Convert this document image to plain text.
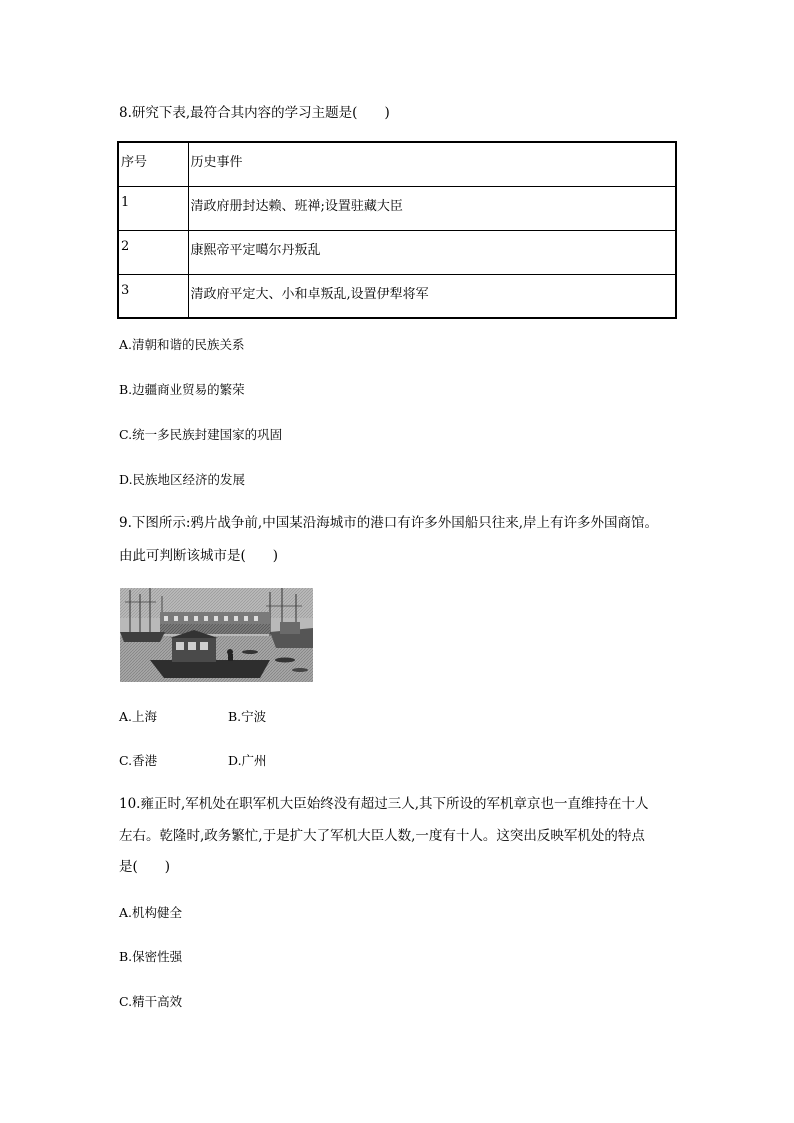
8.研究下表,最符合其内容的学习主题是(　　)
序号	历史事件
1	清政府册封达赖、班禅;设置驻藏大臣
2	康熙帝平定噶尔丹叛乱
3	清政府平定大、小和卓叛乱,设置伊犁将军
A.清朝和谐的民族关系
B.边疆商业贸易的繁荣
C.统一多民族封建国家的巩固
D.民族地区经济的发展
9.下图所示:鸦片战争前,中国某沿海城市的港口有许多外国船只往来,岸上有许多外国商馆。
由此可判断该城市是(　　)
A.上海	B.宁波
C.香港	D.广州
10.雍正时,军机处在职军机大臣始终没有超过三人,其下所设的军机章京也一直维持在十人
左右。乾隆时,政务繁忙,于是扩大了军机大臣人数,一度有十人。这突出反映军机处的特点
是(　　)
A.机构健全
B.保密性强
C.精干高效
